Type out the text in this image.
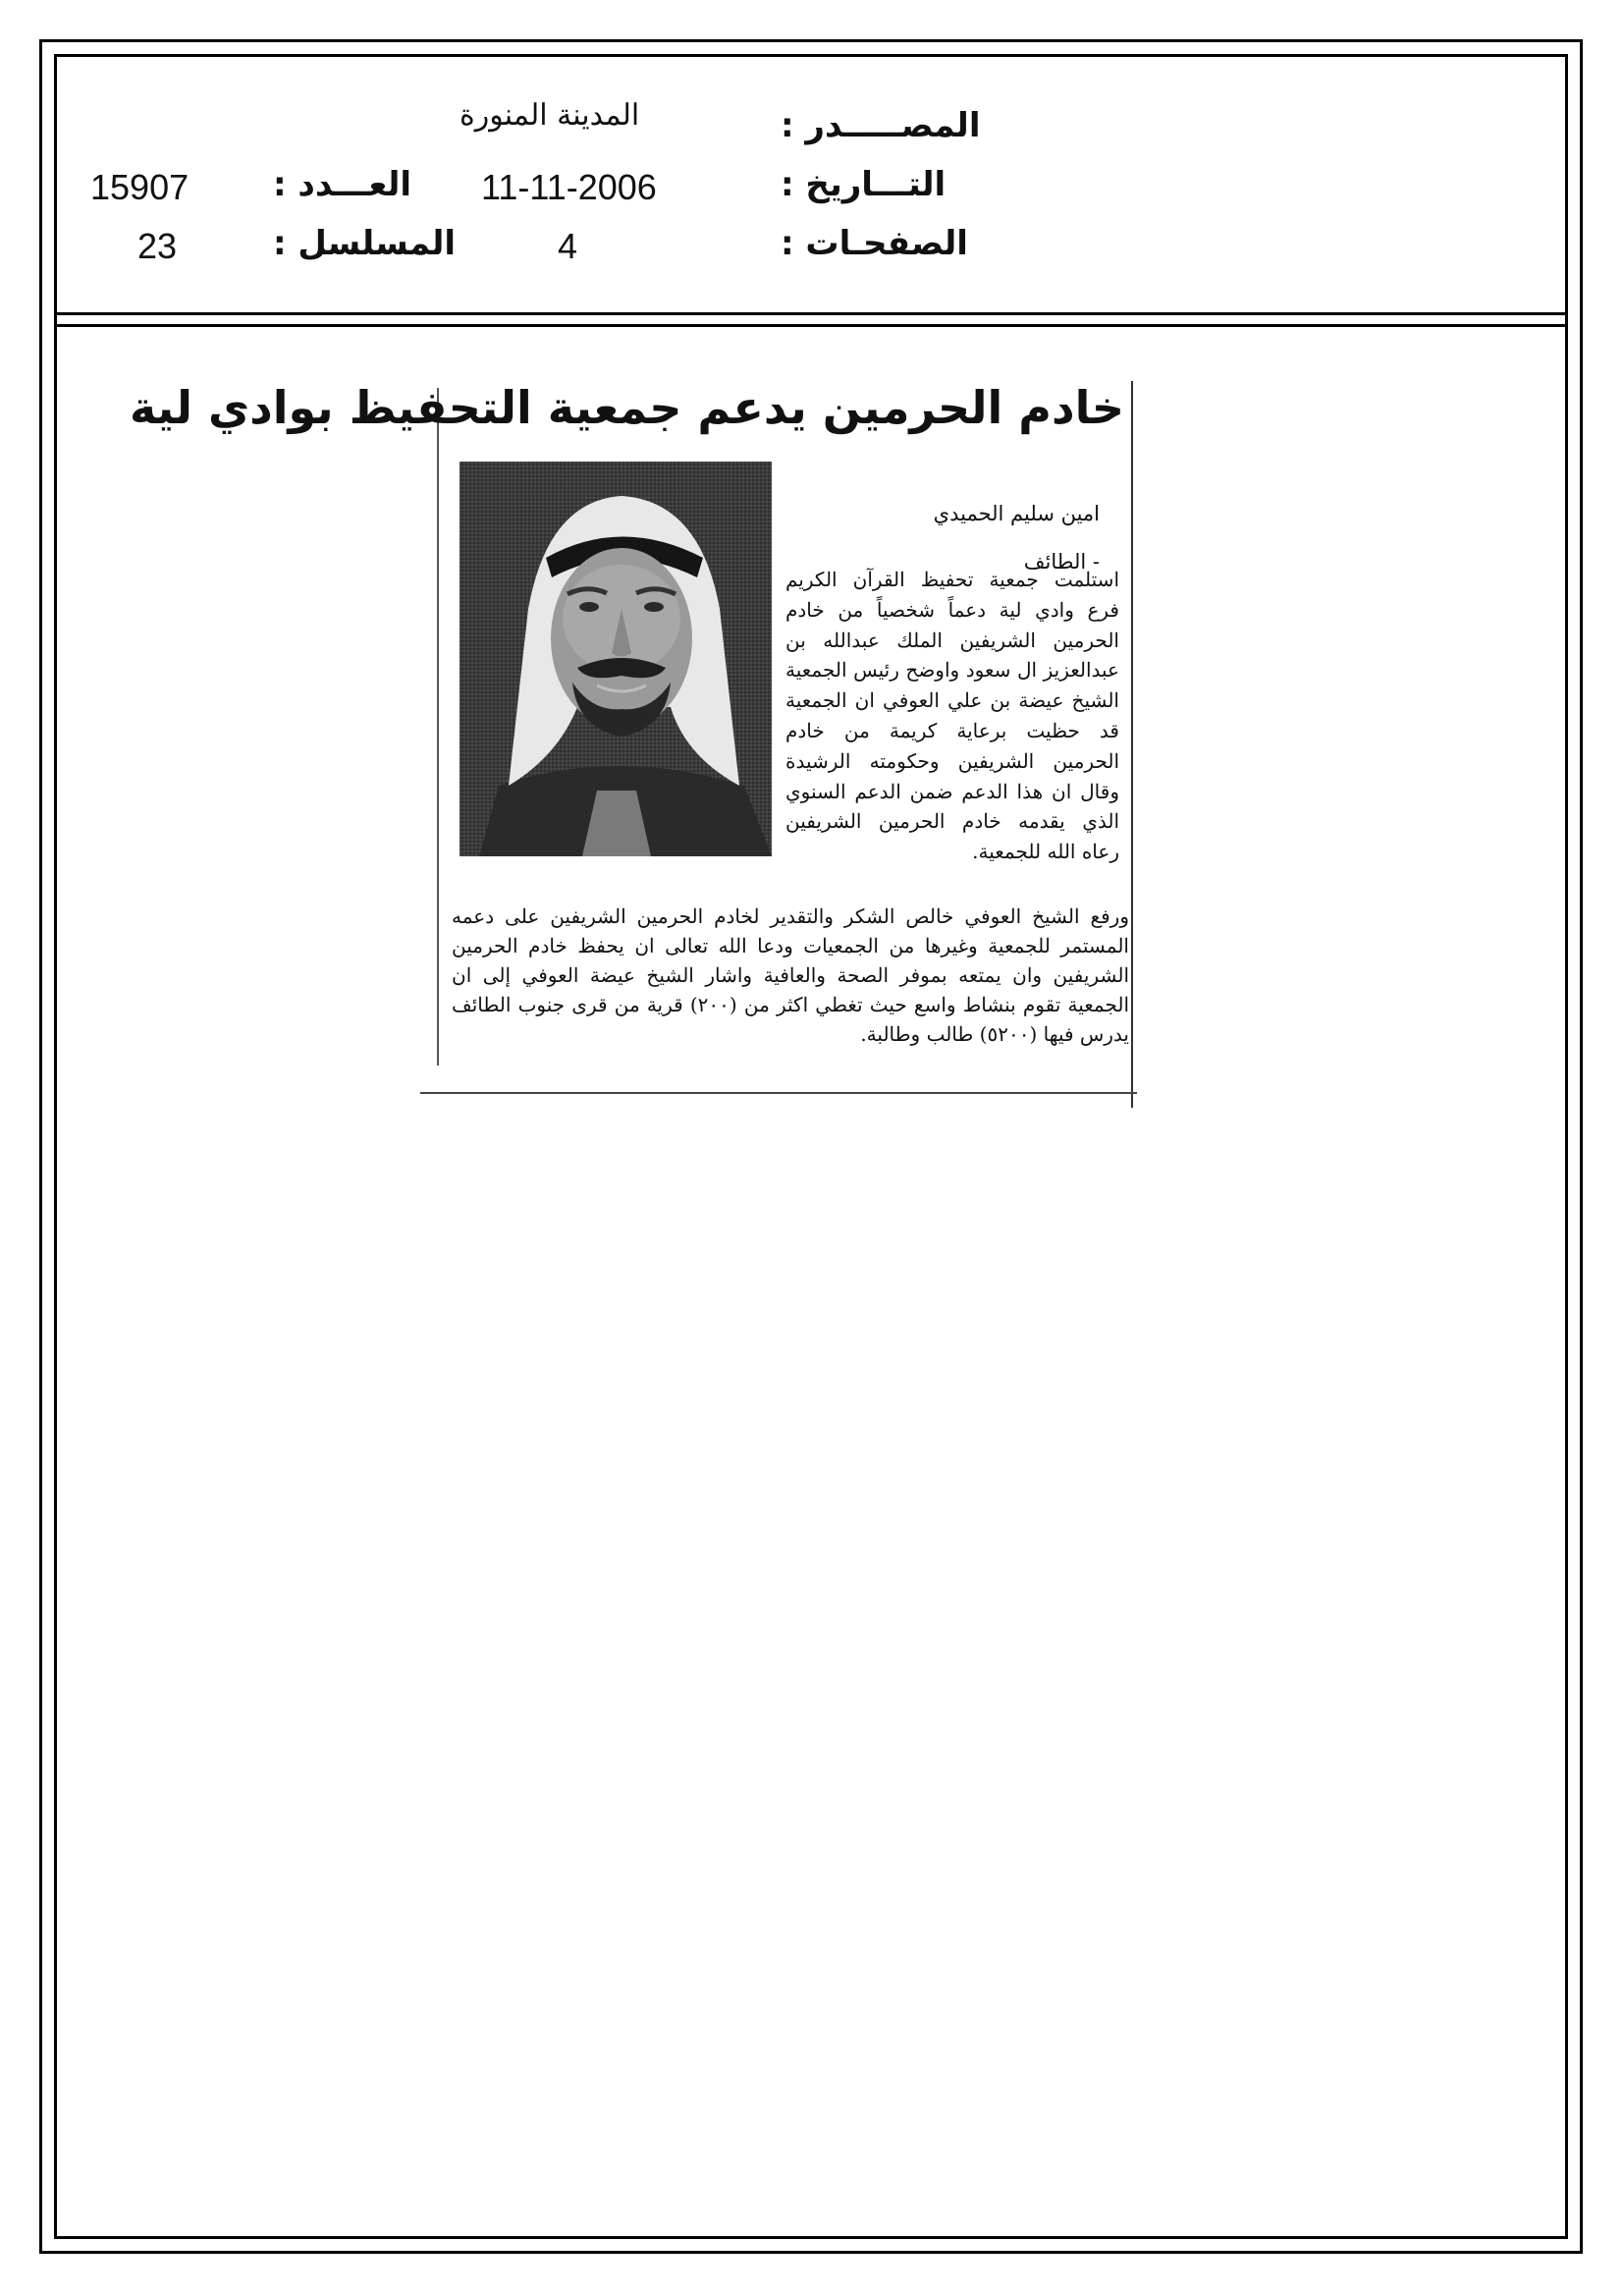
المصـــــدر :
المدينة المنورة
التـــاريخ :
11-11-2006
العـــدد :
15907
الصفحـات :
4
المسلسل :
23
خادم الحرمين يدعم جمعية التحفيظ بوادي لية

امين سليم الحميدي

- الطائف

استلمت جمعية تحفيظ القرآن الكريم فرع وادي لية دعماً شخصياً من خادم الحرمين الشريفين الملك عبدالله بن عبدالعزيز ال سعود واوضح رئيس الجمعية الشيخ عيضة بن علي العوفي ان الجمعية قد حظيت برعاية كريمة من خادم الحرمين الشريفين وحكومته الرشيدة وقال ان هذا الدعم ضمن الدعم السنوي الذي يقدمه خادم الحرمين الشريفين رعاه الله للجمعية.
ورفع الشيخ العوفي خالص الشكر والتقدير لخادم الحرمين الشريفين على دعمه المستمر للجمعية وغيرها من الجمعيات ودعا الله تعالى ان يحفظ خادم الحرمين الشريفين وان يمتعه بموفر الصحة والعافية واشار الشيخ عيضة العوفي إلى ان الجمعية تقوم بنشاط واسع حيث تغطي اكثر من (٢٠٠) قرية من قرى جنوب الطائف يدرس فيها (٥٢٠٠) طالب وطالبة.
